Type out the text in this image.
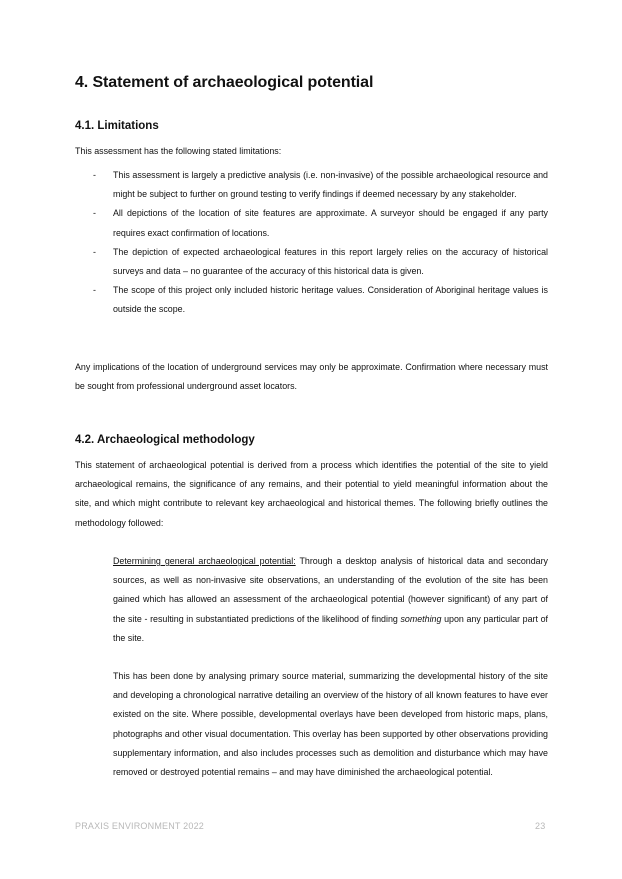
4. Statement of archaeological potential
4.1. Limitations

This assessment has the following stated limitations:

- This assessment is largely a predictive analysis (i.e. non-invasive) of the possible archaeological resource and might be subject to further on ground testing to verify findings if deemed necessary by any stakeholder.
- All depictions of the location of site features are approximate. A surveyor should be engaged if any party requires exact confirmation of locations.
- The depiction of expected archaeological features in this report largely relies on the accuracy of historical surveys and data – no guarantee of the accuracy of this historical data is given.
- The scope of this project only included historic heritage values. Consideration of Aboriginal heritage values is outside the scope.

Any implications of the location of underground services may only be approximate. Confirmation where necessary must be sought from professional underground asset locators.

4.2. Archaeological methodology

This statement of archaeological potential is derived from a process which identifies the potential of the site to yield archaeological remains, the significance of any remains, and their potential to yield meaningful information about the site, and which might contribute to relevant key archaeological and historical themes. The following briefly outlines the methodology followed:

Determining general archaeological potential: Through a desktop analysis of historical data and secondary sources, as well as non-invasive site observations, an understanding of the evolution of the site has been gained which has allowed an assessment of the archaeological potential (however significant) of any part of the site - resulting in substantiated predictions of the likelihood of finding something upon any particular part of the site.

This has been done by analysing primary source material, summarizing the developmental history of the site and developing a chronological narrative detailing an overview of the history of all known features to have ever existed on the site. Where possible, developmental overlays have been developed from historic maps, plans, photographs and other visual documentation. This overlay has been supported by other observations providing supplementary information, and also includes processes such as demolition and disturbance which may have removed or destroyed potential remains – and may have diminished the archaeological potential.

PRAXIS ENVIRONMENT 2022	23
